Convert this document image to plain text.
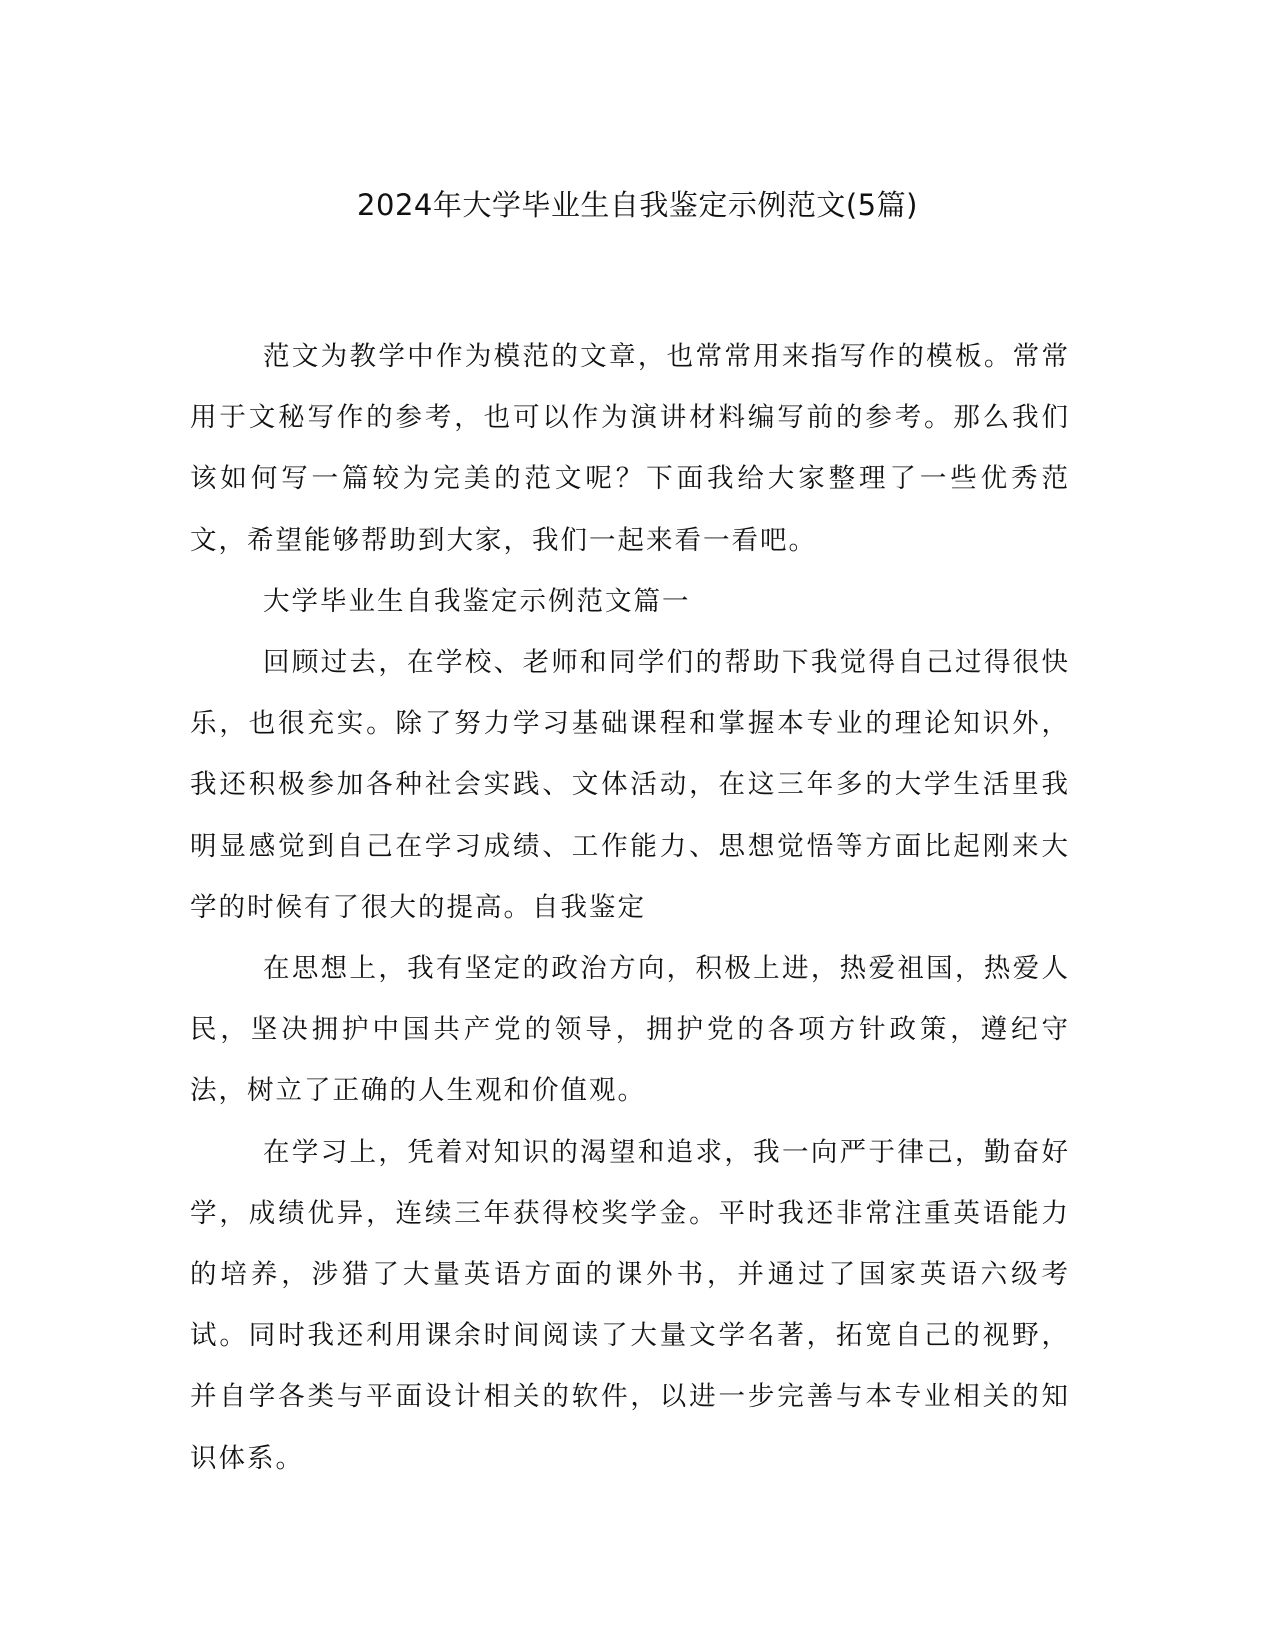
2024年大学毕业生自我鉴定示例范文(5篇)

范文为教学中作为模范的文章，也常常用来指写作的模板。常常用于文秘写作的参考，也可以作为演讲材料编写前的参考。那么我们该如何写一篇较为完美的范文呢？下面我给大家整理了一些优秀范文，希望能够帮助到大家，我们一起来看一看吧。

大学毕业生自我鉴定示例范文篇一

回顾过去，在学校、老师和同学们的帮助下我觉得自己过得很快乐，也很充实。除了努力学习基础课程和掌握本专业的理论知识外，我还积极参加各种社会实践、文体活动，在这三年多的大学生活里我明显感觉到自己在学习成绩、工作能力、思想觉悟等方面比起刚来大学的时候有了很大的提高。自我鉴定

在思想上，我有坚定的政治方向，积极上进，热爱祖国，热爱人民，坚决拥护中国共产党的领导，拥护党的各项方针政策，遵纪守法，树立了正确的人生观和价值观。

在学习上，凭着对知识的渴望和追求，我一向严于律己，勤奋好学，成绩优异，连续三年获得校奖学金。平时我还非常注重英语能力的培养，涉猎了大量英语方面的课外书，并通过了国家英语六级考试。同时我还利用课余时间阅读了大量文学名著，拓宽自己的视野，并自学各类与平面设计相关的软件，以进一步完善与本专业相关的知识体系。
